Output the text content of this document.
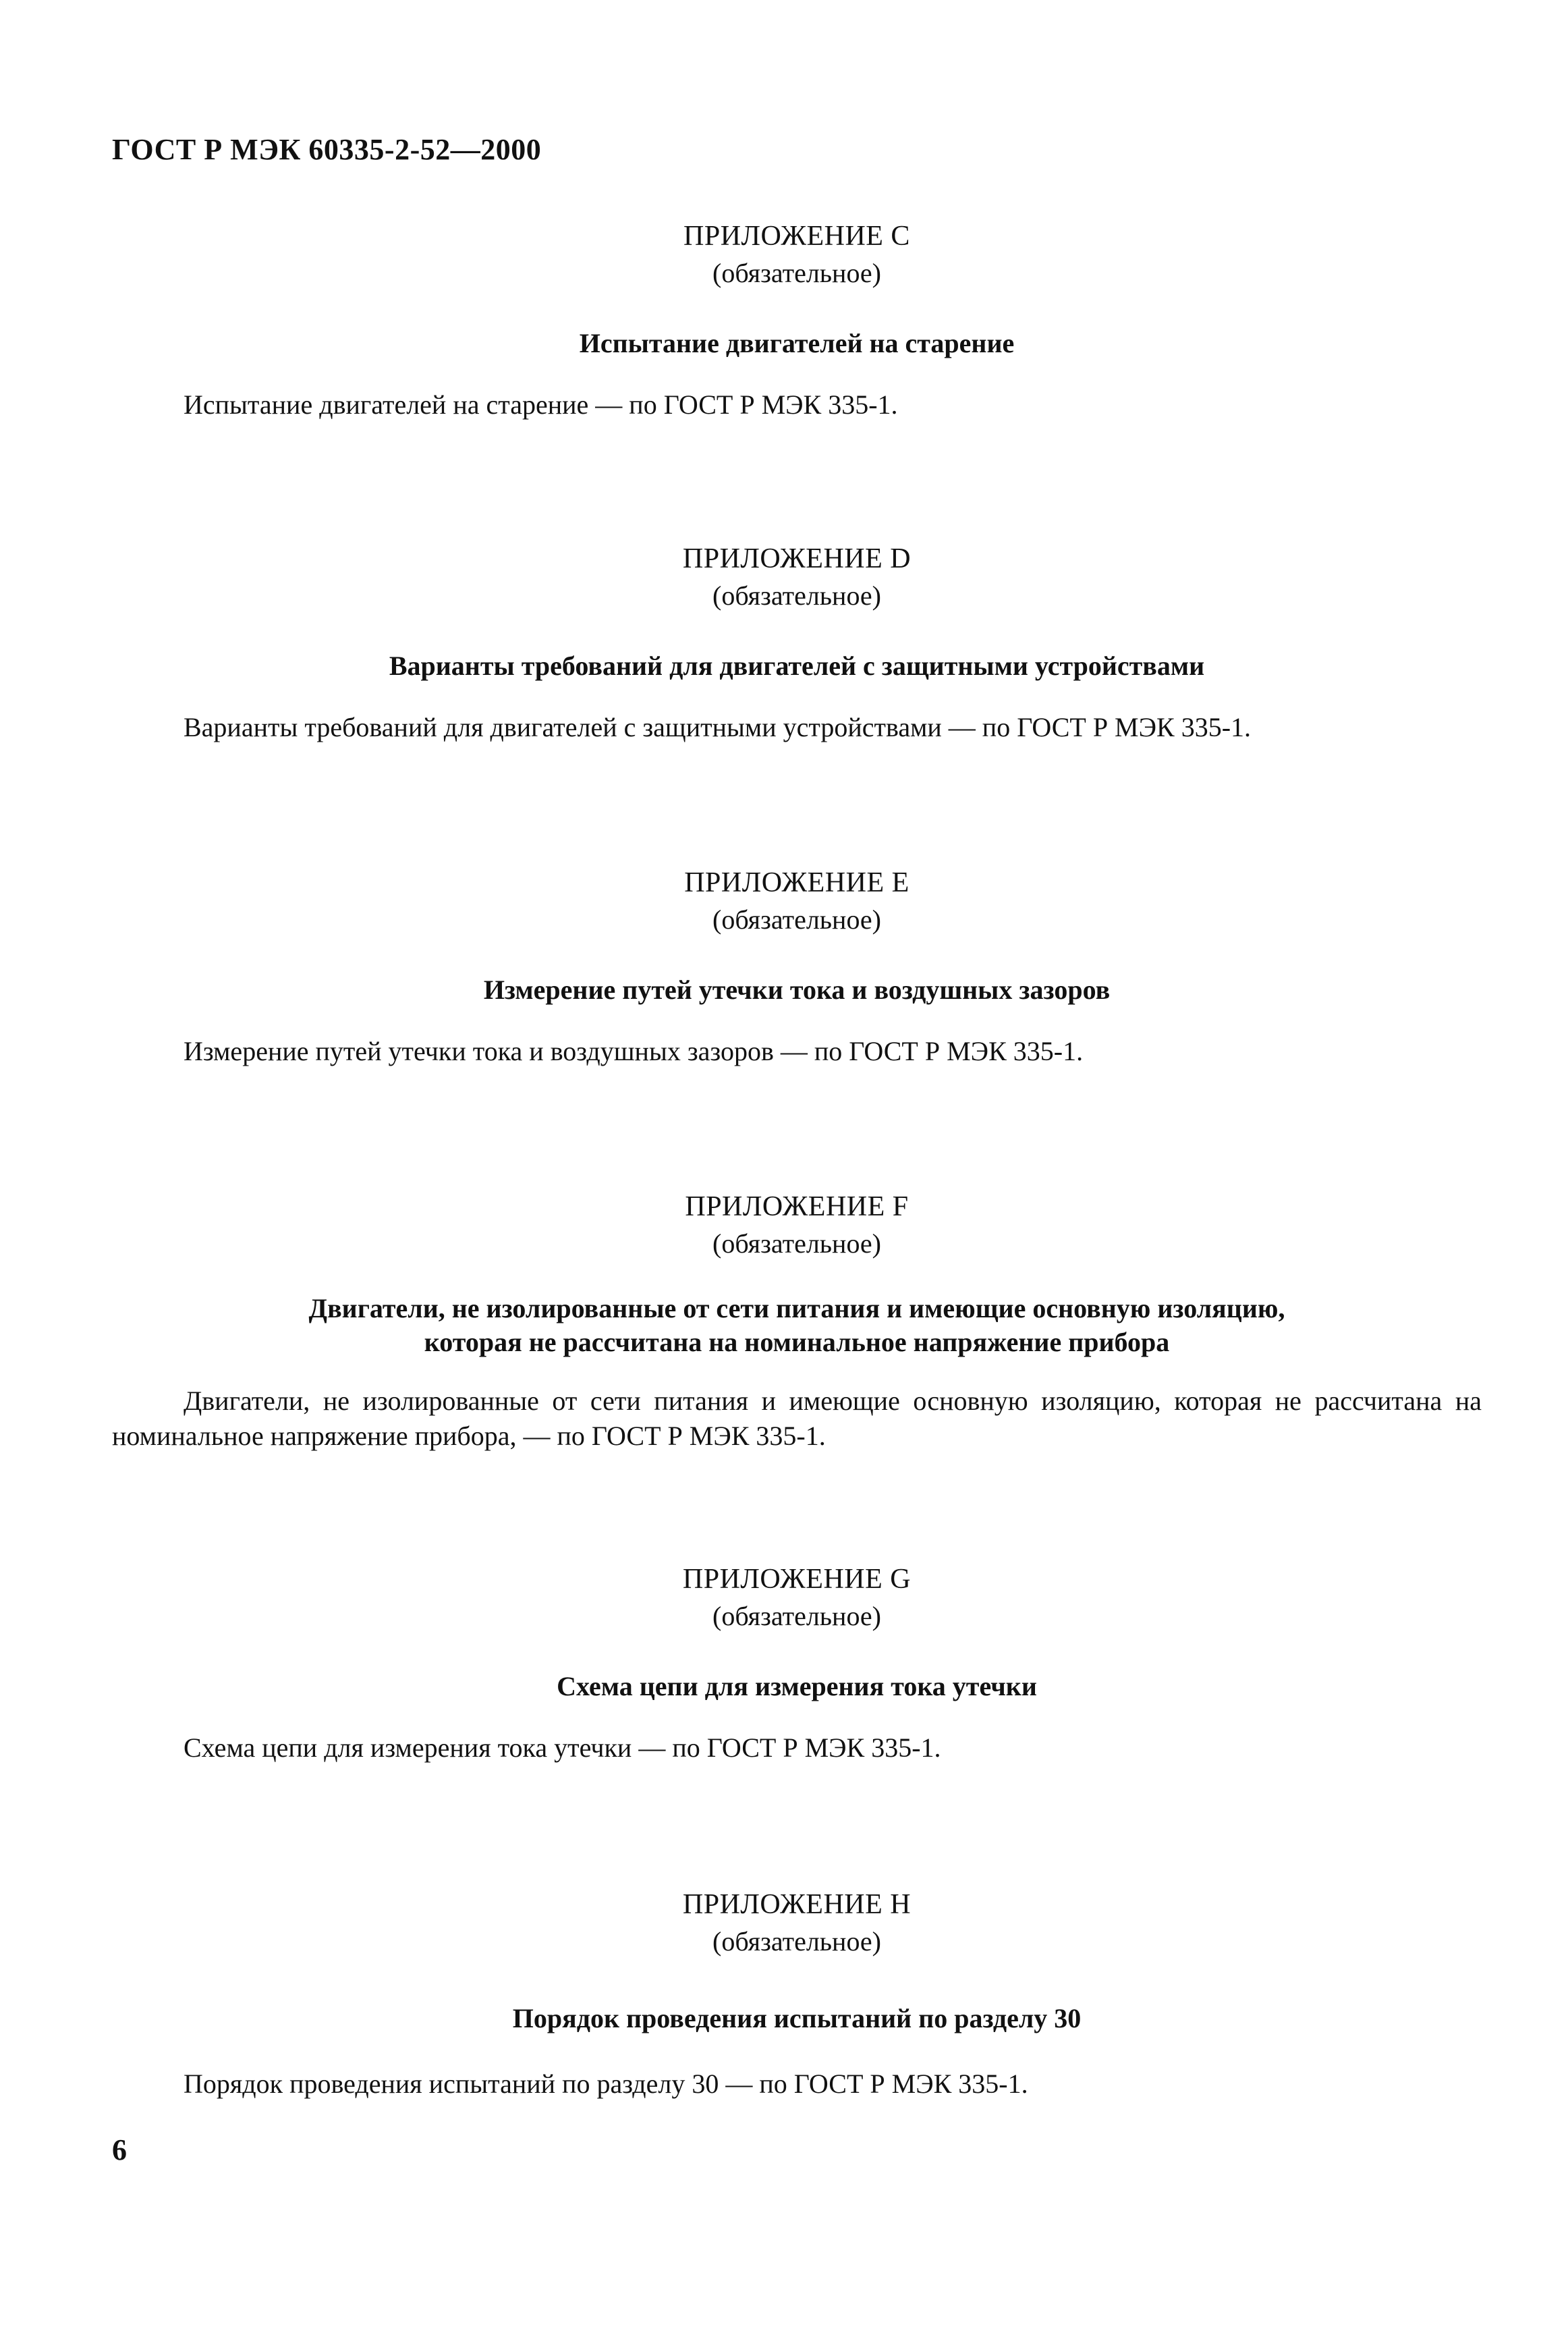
ГОСТ Р МЭК 60335-2-52—2000
ПРИЛОЖЕНИЕ С
(обязательное)
Испытание двигателей на старение
Испытание двигателей на старение — по ГОСТ Р МЭК 335-1.
ПРИЛОЖЕНИЕ D
(обязательное)
Варианты требований для двигателей с защитными устройствами
Варианты требований для двигателей с защитными устройствами — по ГОСТ Р МЭК 335-1.
ПРИЛОЖЕНИЕ Е
(обязательное)
Измерение путей утечки тока и воздушных зазоров
Измерение путей утечки тока и воздушных зазоров — по ГОСТ Р МЭК 335-1.
ПРИЛОЖЕНИЕ F
(обязательное)
Двигатели, не изолированные от сети питания и имеющие основную изоляцию,
которая не рассчитана на номинальное напряжение прибора
Двигатели, не изолированные от сети питания и имеющие основную изоляцию, которая не рассчитана на номинальное напряжение прибора, — по ГОСТ Р МЭК 335-1.
ПРИЛОЖЕНИЕ G
(обязательное)
Схема цепи для измерения тока утечки
Схема цепи для измерения тока утечки — по ГОСТ Р МЭК 335-1.
ПРИЛОЖЕНИЕ Н
(обязательное)
Порядок проведения испытаний по разделу 30
Порядок проведения испытаний по разделу 30 — по ГОСТ Р МЭК 335-1.
6
